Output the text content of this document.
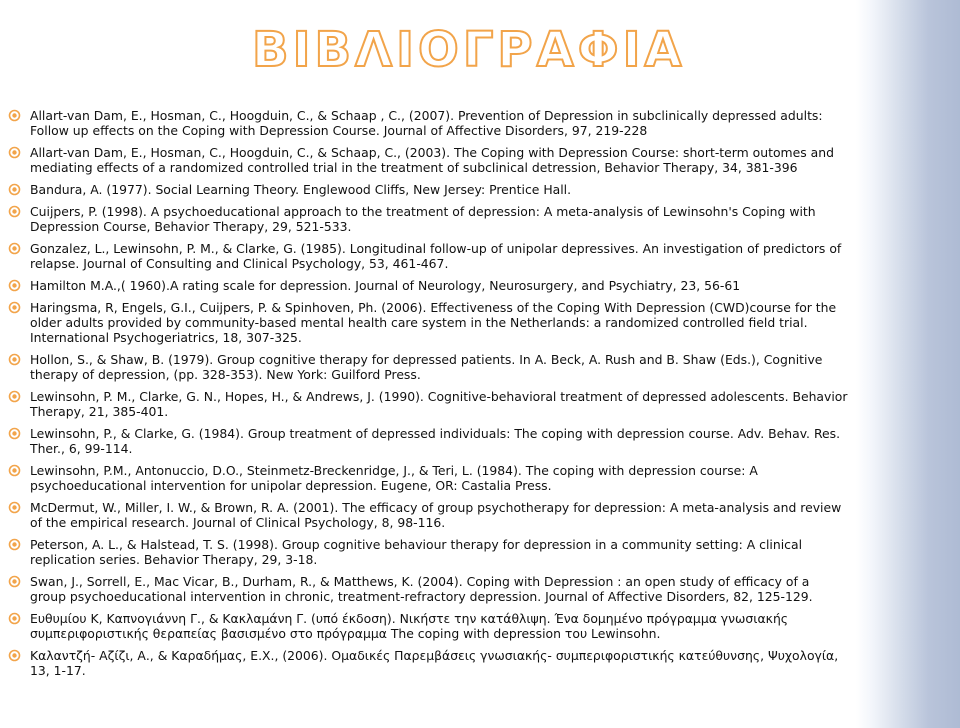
ΒΙΒΛΙΟΓΡΑΦΙΑ
Allart-van Dam, E., Hosman, C., Hoogduin, C., & Schaap , C., (2007). Prevention of Depression in subclinically depressed adults: Follow up effects on the Coping with Depression Course. Journal of Affective Disorders, 97, 219-228
Allart-van Dam, E., Hosman, C., Hoogduin, C., & Schaap, C., (2003). The Coping with Depression Course: short-term outomes and mediating effects of a randomized controlled trial in the treatment of subclinical detression, Behavior Therapy, 34, 381-396
Bandura, A. (1977). Social Learning Theory. Englewood Cliffs, New Jersey: Prentice Hall.
Cuijpers, P. (1998). A psychoeducational approach to the treatment of depression: A meta-analysis of Lewinsohn's Coping with Depression Course, Behavior Therapy, 29, 521-533.
Gonzalez, L., Lewinsohn, P. M., & Clarke, G. (1985). Longitudinal follow-up of unipolar depressives. An investigation of predictors of relapse. Journal of Consulting and Clinical Psychology, 53, 461-467.
Hamilton M.A.,( 1960).A rating scale for depression. Journal of Neurology, Neurosurgery, and Psychiatry, 23, 56-61
Haringsma, R, Engels, G.I., Cuijpers, P. & Spinhoven, Ph. (2006). Effectiveness of the Coping With Depression (CWD)course for the older adults provided by community-based mental health care system in the Netherlands: a randomized controlled field trial. International Psychogeriatrics, 18, 307-325.
Hollon, S., & Shaw, B. (1979). Group cognitive therapy for depressed patients. In A. Beck, A. Rush and B. Shaw (Eds.), Cognitive therapy of depression, (pp. 328-353). New York: Guilford Press.
Lewinsohn, P. M., Clarke, G. N., Hopes, H., & Andrews, J. (1990). Cognitive-behavioral treatment of depressed adolescents. Behavior Therapy, 21, 385-401.
Lewinsohn, P., & Clarke, G. (1984). Group treatment of depressed individuals: The coping with depression course. Adv. Behav. Res. Ther., 6, 99-114.
Lewinsohn, P.M., Antonuccio, D.O., Steinmetz-Breckenridge, J., & Teri, L. (1984). The coping with depression course: A psychoeducational intervention for unipolar depression. Eugene, OR: Castalia Press.
McDermut, W., Miller, I. W., & Brown, R. A. (2001). The efficacy of group psychotherapy for depression: A meta-analysis and review of the empirical research. Journal of Clinical Psychology, 8, 98-116.
Peterson, A. L., & Halstead, T. S. (1998). Group cognitive behaviour therapy for depression in a community setting: A clinical replication series. Behavior Therapy, 29, 3-18.
Swan, J., Sorrell, E., Mac Vicar, B., Durham, R., & Matthews, K. (2004). Coping with Depression : an open study of efficacy of a group psychoeducational intervention in chronic, treatment-refractory depression. Journal of Affective Disorders, 82, 125-129.
Ευθυμίου Κ, Καπνογιάννη Γ., & Κακλαμάνη Γ. (υπό έκδοση). Νικήστε την κατάθλιψη. Ένα δομημένο πρόγραμμα γνωσιακής συμπεριφοριστικής θεραπείας βασισμένο στο πρόγραμμα The coping with depression του Lewinsohn.
Καλαντζή- Αζίζι, Α., & Καραδήμας, Ε.Χ., (2006). Ομαδικές Παρεμβάσεις γνωσιακής- συμπεριφοριστικής κατεύθυνσης, Ψυχολογία, 13, 1-17.
